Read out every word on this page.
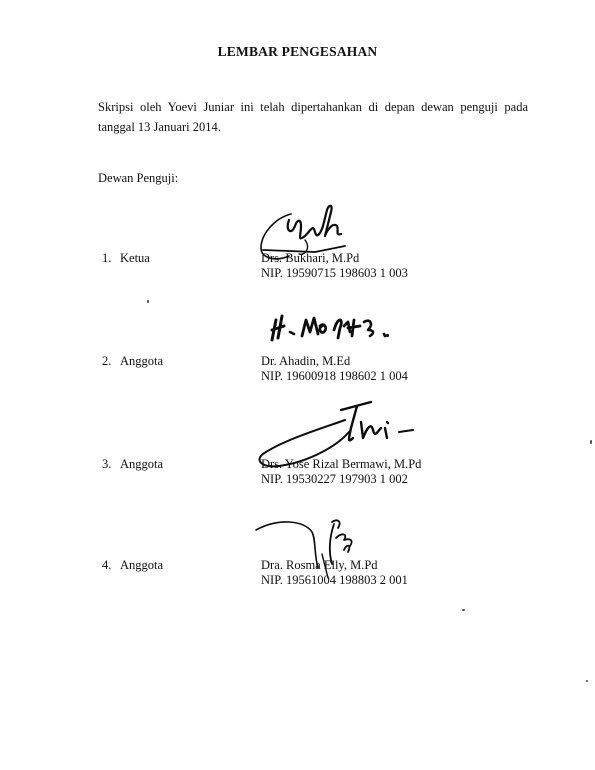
LEMBAR PENGESAHAN
Skripsi oleh Yoevi Juniar ini telah dipertahankan di depan dewan penguji pada
tanggal 13 Januari 2014.
Dewan Penguji:
1. Ketua	Drs. Bukhari, M.Pd
NIP. 19590715 198603 1 003
2. Anggota	Dr. Ahadin, M.Ed
NIP. 19600918 198602 1 004
3. Anggota	Drs. Yose Rizal Bermawi, M.Pd
NIP. 19530227 197903 1 002
4. Anggota	Dra. Rosma Elly, M.Pd
NIP. 19561004 198803 2 001
